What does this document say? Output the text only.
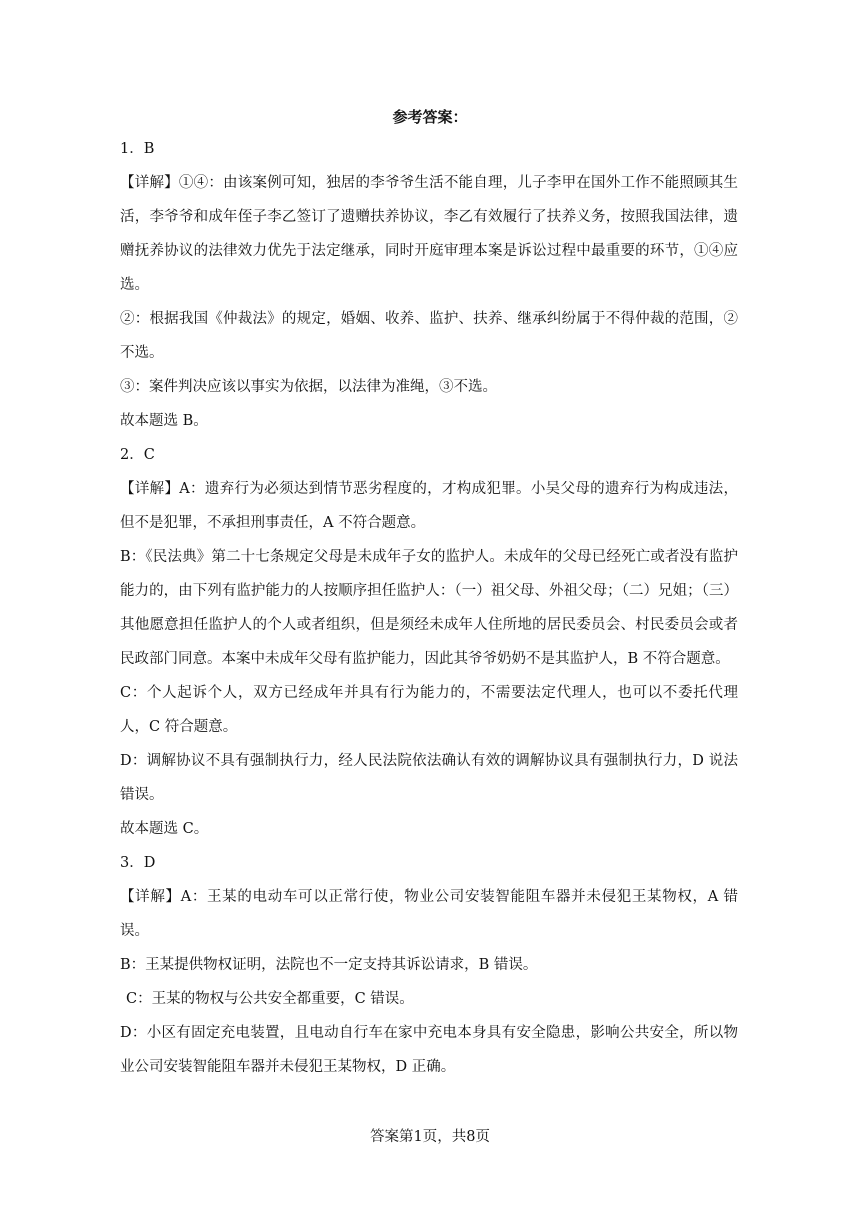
参考答案：

1．B

【详解】①④：由该案例可知，独居的李爷爷生活不能自理，儿子李甲在国外工作不能照顾其生活，李爷爷和成年侄子李乙签订了遗赠扶养协议，李乙有效履行了扶养义务，按照我国法律，遗赠抚养协议的法律效力优先于法定继承，同时开庭审理本案是诉讼过程中最重要的环节，①④应选。

②：根据我国《仲裁法》的规定，婚姻、收养、监护、扶养、继承纠纷属于不得仲裁的范围，②不选。

③：案件判决应该以事实为依据，以法律为准绳，③不选。

故本题选 B。

2．C

【详解】A：遗弃行为必须达到情节恶劣程度的，才构成犯罪。小吴父母的遗弃行为构成违法，但不是犯罪，不承担刑事责任，A 不符合题意。

B：《民法典》第二十七条规定父母是未成年子女的监护人。未成年的父母已经死亡或者没有监护能力的，由下列有监护能力的人按顺序担任监护人：（一）祖父母、外祖父母；（二）兄姐；（三）其他愿意担任监护人的个人或者组织，但是须经未成年人住所地的居民委员会、村民委员会或者民政部门同意。本案中未成年父母有监护能力，因此其爷爷奶奶不是其监护人，B 不符合题意。

C：个人起诉个人，双方已经成年并具有行为能力的，不需要法定代理人，也可以不委托代理人，C 符合题意。

D：调解协议不具有强制执行力，经人民法院依法确认有效的调解协议具有强制执行力，D 说法错误。

故本题选 C。

3．D

【详解】A：王某的电动车可以正常行使，物业公司安装智能阻车器并未侵犯王某物权，A 错误。

B：王某提供物权证明，法院也不一定支持其诉讼请求，B 错误。

C：王某的物权与公共安全都重要，C 错误。

D：小区有固定充电装置，且电动自行车在家中充电本身具有安全隐患，影响公共安全，所以物业公司安装智能阻车器并未侵犯王某物权，D 正确。

答案第1页，共8页
